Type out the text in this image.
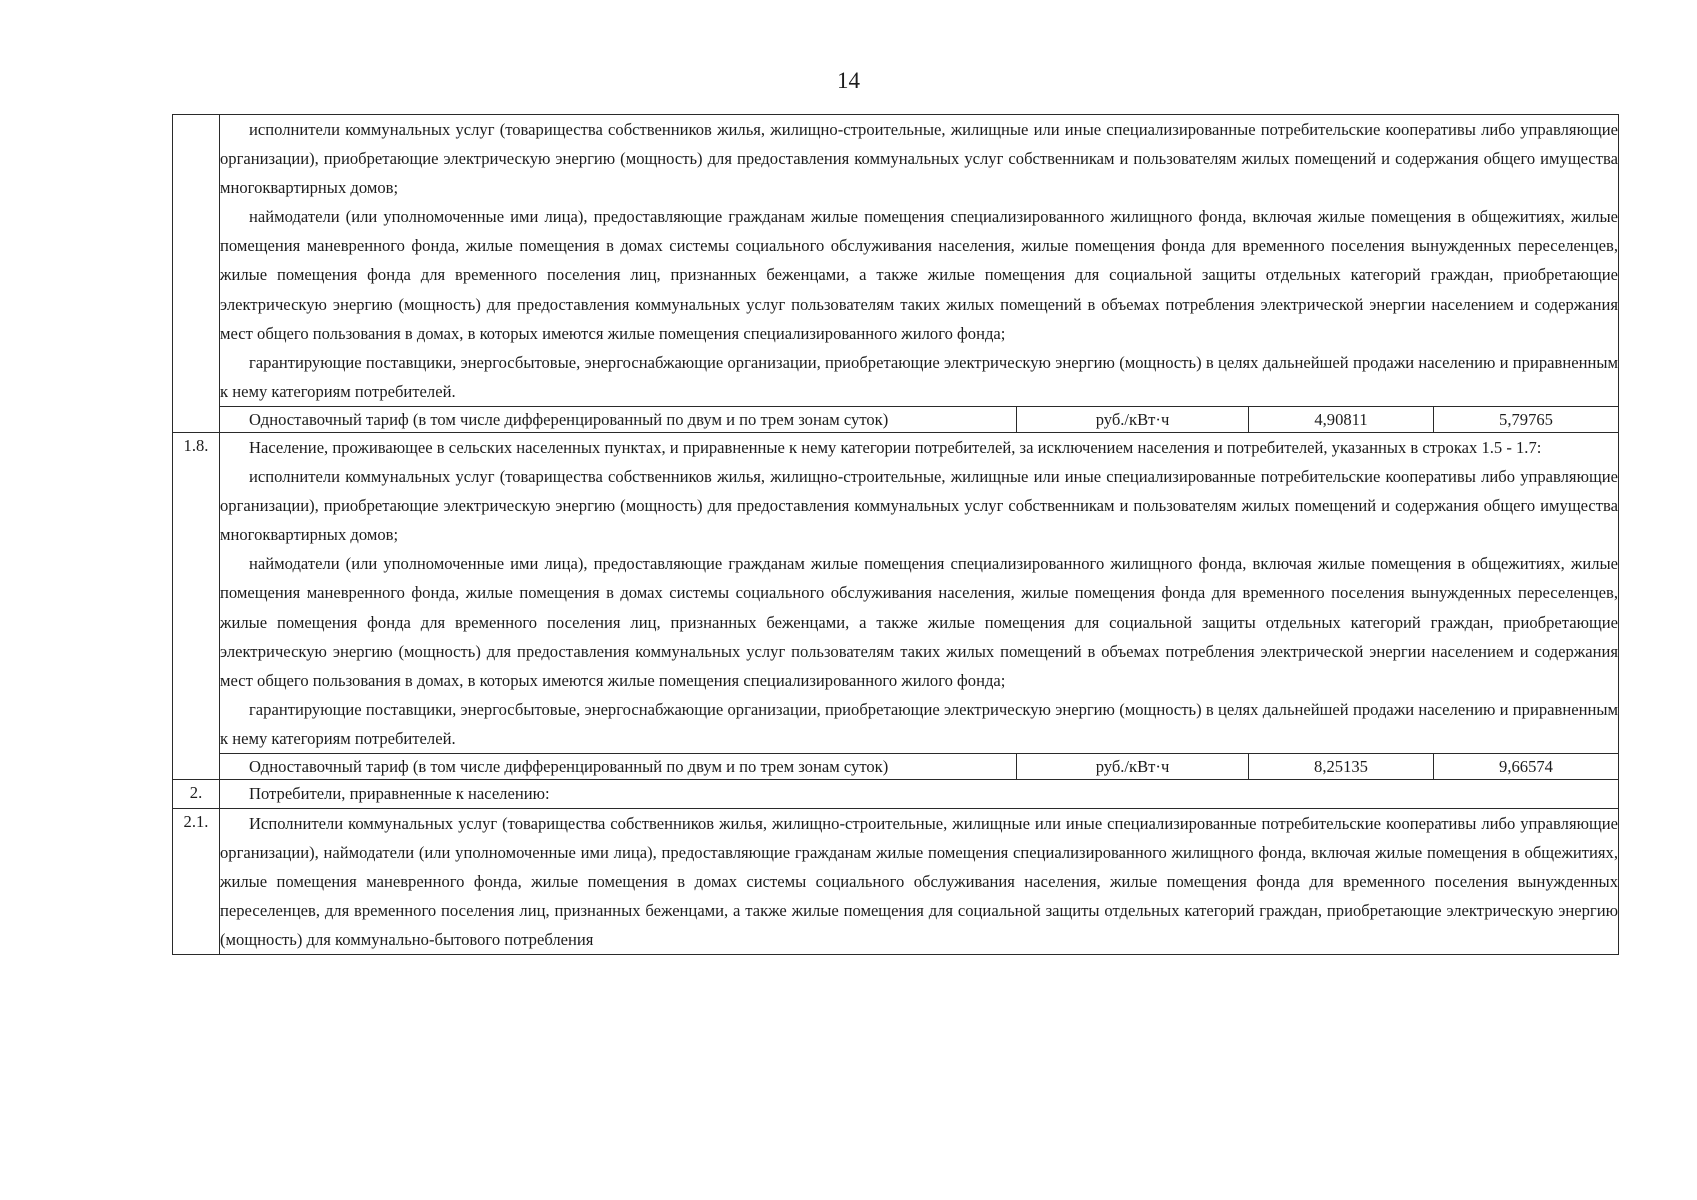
14

	исполнители коммунальных услуг (товарищества собственников жилья, жилищно-строительные, жилищные или иные специализированные потребительские кооперативы либо управляющие организации), приобретающие электрическую энергию (мощность) для предоставления коммунальных услуг собственникам и пользователям жилых помещений и содержания общего имущества многоквартирных домов;

наймодатели (или уполномоченные ими лица), предоставляющие гражданам жилые помещения специализированного жилищного фонда, включая жилые помещения в общежитиях, жилые помещения маневренного фонда, жилые помещения в домах системы социального обслуживания населения, жилые помещения фонда для временного поселения вынужденных переселенцев, жилые помещения фонда для временного поселения лиц, признанных беженцами, а также жилые помещения для социальной защиты отдельных категорий граждан, приобретающие электрическую энергию (мощность) для предоставления коммунальных услуг пользователям таких жилых помещений в объемах потребления электрической энергии населением и содержания мест общего пользования в домах, в которых имеются жилые помещения специализированного жилого фонда;

гарантирующие поставщики, энергосбытовые, энергоснабжающие организации, приобретающие электрическую энергию (мощность) в целях дальнейшей продажи населению и приравненным к нему категориям потребителей.			

	Одноставочный тариф (в том числе дифференцированный по двум и по трем зонам суток)	руб./кВт·ч	4,90811	5,79765

1.8.	Население, проживающее в сельских населенных пунктах, и приравненные к нему категории потребителей, за исключением населения и потребителей, указанных в строках 1.5 - 1.7:

исполнители коммунальных услуг (товарищества собственников жилья, жилищно-строительные, жилищные или иные специализированные потребительские кооперативы либо управляющие организации), приобретающие электрическую энергию (мощность) для предоставления коммунальных услуг собственникам и пользователям жилых помещений и содержания общего имущества многоквартирных домов;

наймодатели (или уполномоченные ими лица), предоставляющие гражданам жилые помещения специализированного жилищного фонда, включая жилые помещения в общежитиях, жилые помещения маневренного фонда, жилые помещения в домах системы социального обслуживания населения, жилые помещения фонда для временного поселения вынужденных переселенцев, жилые помещения фонда для временного поселения лиц, признанных беженцами, а также жилые помещения для социальной защиты отдельных категорий граждан, приобретающие электрическую энергию (мощность) для предоставления коммунальных услуг пользователям таких жилых помещений в объемах потребления электрической энергии населением и содержания мест общего пользования в домах, в которых имеются жилые помещения специализированного жилого фонда;

гарантирующие поставщики, энергосбытовые, энергоснабжающие организации, приобретающие электрическую энергию (мощность) в целях дальнейшей продажи населению и приравненным к нему категориям потребителей.			

	Одноставочный тариф (в том числе дифференцированный по двум и по трем зонам суток)	руб./кВт·ч	8,25135	9,66574

2.	Потребители, приравненные к населению:			
2.1.	Исполнители коммунальных услуг (товарищества собственников жилья, жилищно-строительные, жилищные или иные специализированные потребительские кооперативы либо управляющие организации), наймодатели (или уполномоченные ими лица), предоставляющие гражданам жилые помещения специализированного жилищного фонда, включая жилые помещения в общежитиях, жилые помещения маневренного фонда, жилые помещения в домах системы социального обслуживания населения, жилые помещения фонда для временного поселения вынужденных переселенцев, для временного поселения лиц, признанных беженцами, а также жилые помещения для социальной защиты отдельных категорий граждан, приобретающие электрическую энергию (мощность) для коммунально-бытового потребления			
